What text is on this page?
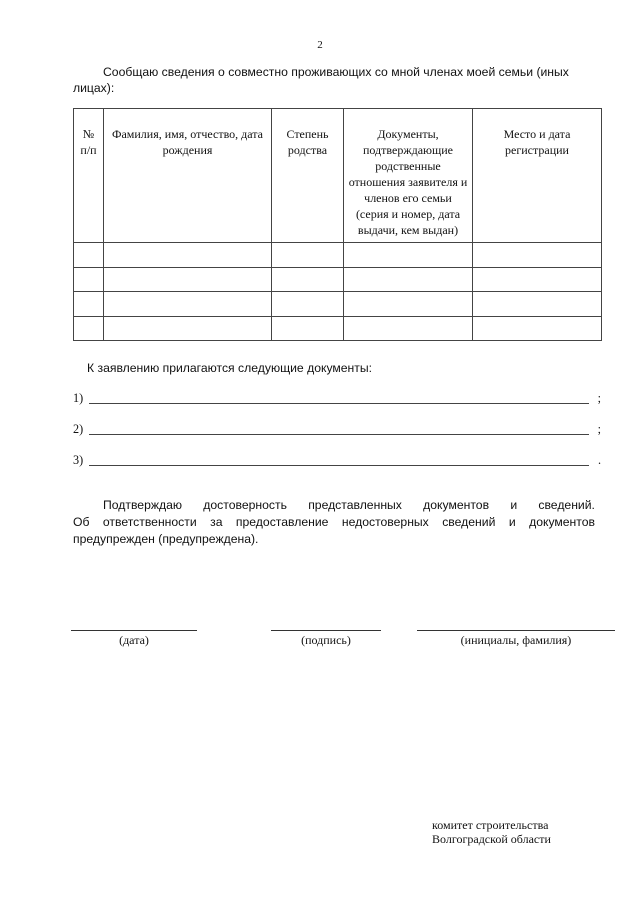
2
Сообщаю сведения о совместно проживающих со мной членах моей семьи (иных лицах):
№ п/п	Фамилия, имя, отчество, дата рождения	Степень родства	Документы, подтверждающие родственные отношения заявителя и членов его семьи (серия и номер, дата выдачи, кем выдан)	Место и дата регистрации

К заявлению прилагаются следующие документы:
1)	;
2)	;
3)	.
Подтверждаю достоверность представленных документов и сведений.
Об ответственности за предоставление недостоверных сведений и документов предупрежден (предупреждена).
(дата)	(подпись)	(инициалы, фамилия)
комитет строительства
Волгоградской области
